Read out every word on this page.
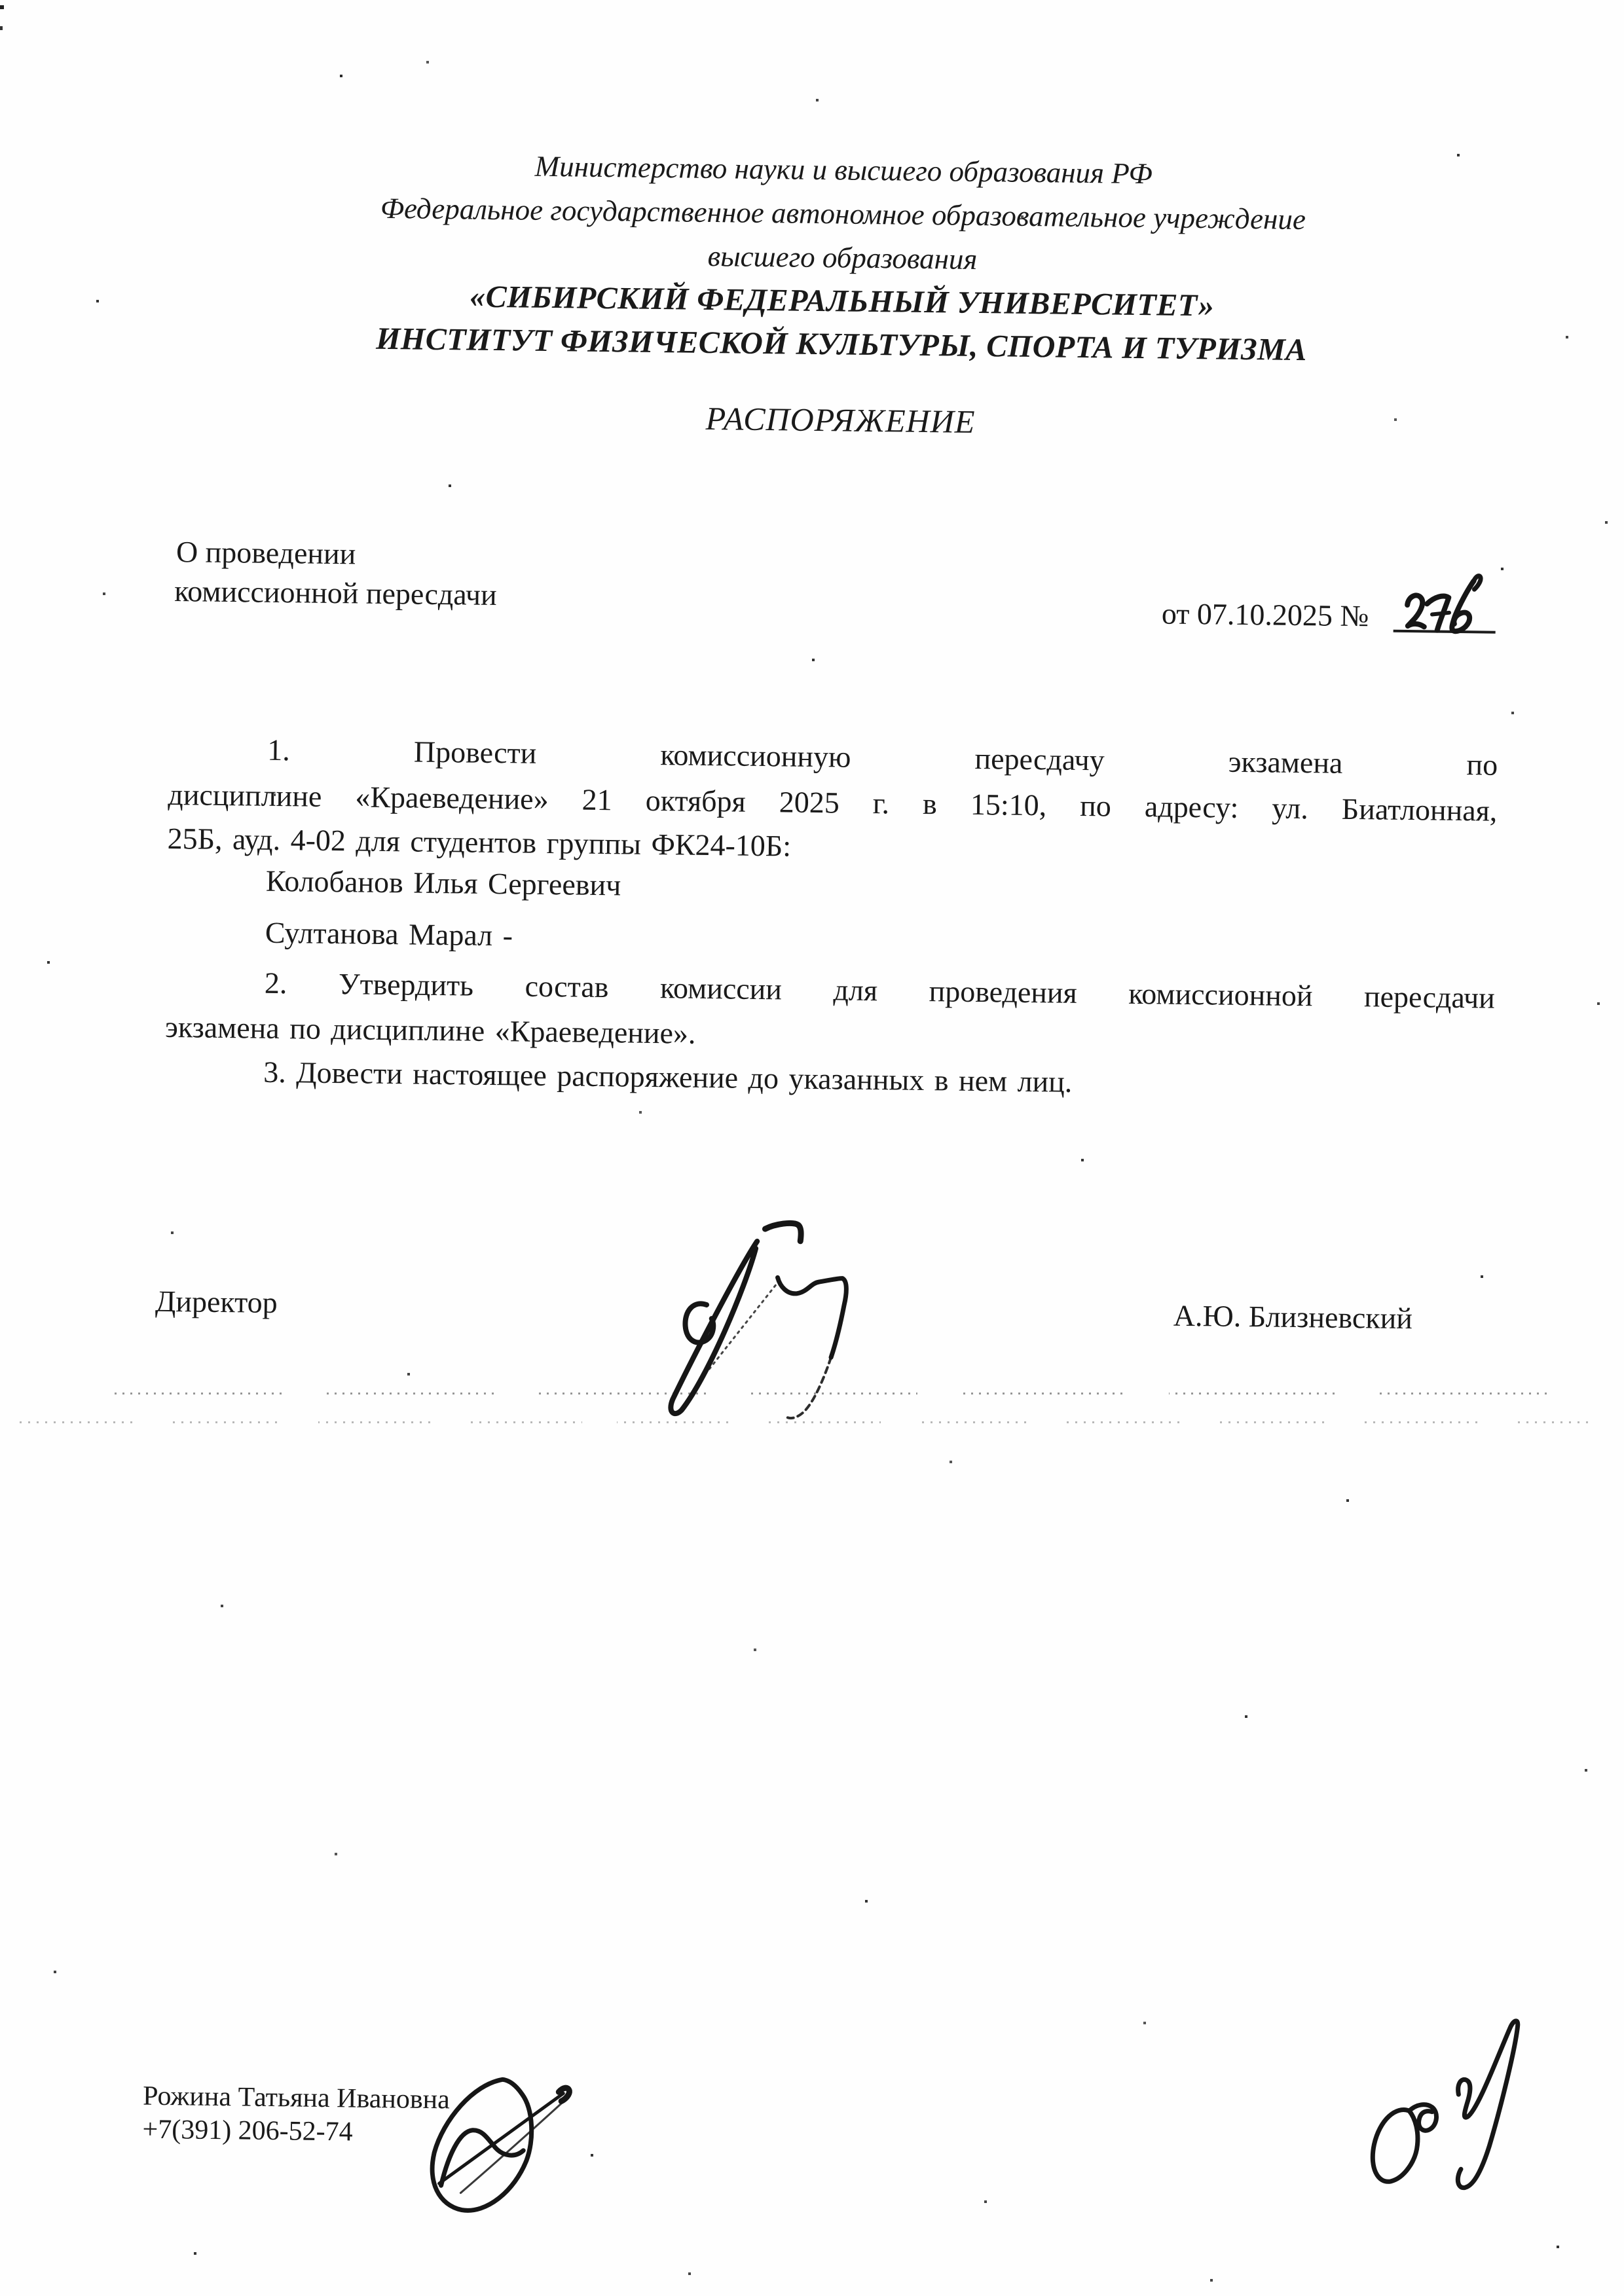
Министерство науки и высшего образования РФ
Федеральное государственное автономное образовательное учреждение
высшего образования
«СИБИРСКИЙ ФЕДЕРАЛЬНЫЙ УНИВЕРСИТЕТ»
ИНСТИТУТ ФИЗИЧЕСКОЙ КУЛЬТУРЫ, СПОРТА И ТУРИЗМА
РАСПОРЯЖЕНИЕ
О проведении
комиссионной пересдачи
от 07.10.2025 №
1. Провести комиссионную пересдачу экзамена по
дисциплине «Краеведение» 21 октября 2025 г. в 15:10, по адресу: ул. Биатлонная,
25Б, ауд. 4-02 для студентов группы ФК24-10Б:
Колобанов Илья Сергеевич
Султанова Марал -
2. Утвердить состав комиссии для проведения комиссионной пересдачи
экзамена по дисциплине «Краеведение».
3. Довести настоящее распоряжение до указанных в нем лиц.
Директор	А.Ю. Близневский
Рожина Татьяна Ивановна
+7(391) 206-52-74
